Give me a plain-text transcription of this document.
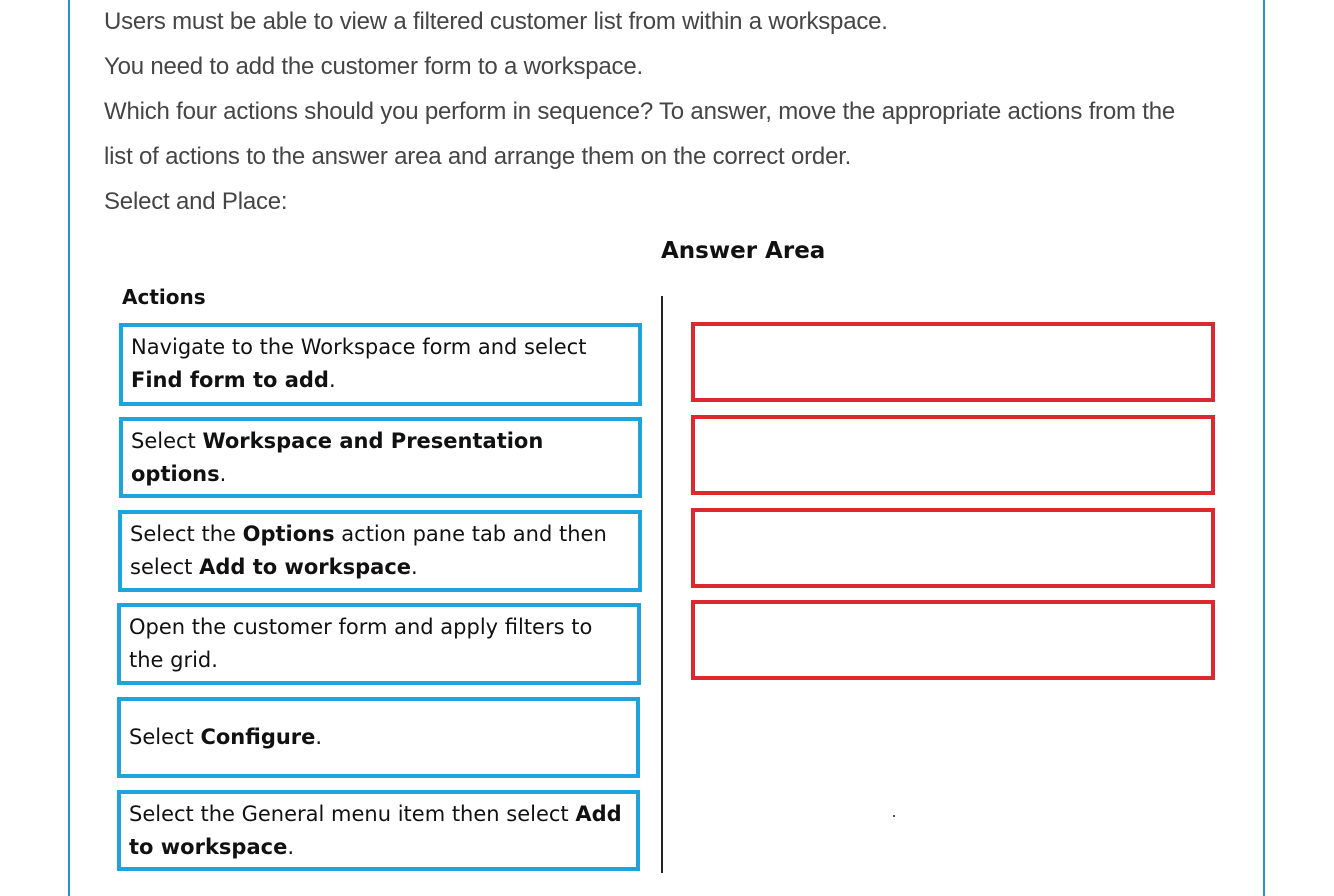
Users must be able to view a filtered customer list from within a workspace.
You need to add the customer form to a workspace.
Which four actions should you perform in sequence? To answer, move the appropriate actions from the
list of actions to the answer area and arrange them on the correct order.
Select and Place:
Answer Area
Actions
Navigate to the Workspace form and select Find form to add.
Select Workspace and Presentation options.
Select the Options action pane tab and then select Add to workspace.
Open the customer form and apply filters to the grid.
Select Configure.
Select the General menu item then select Add to workspace.
